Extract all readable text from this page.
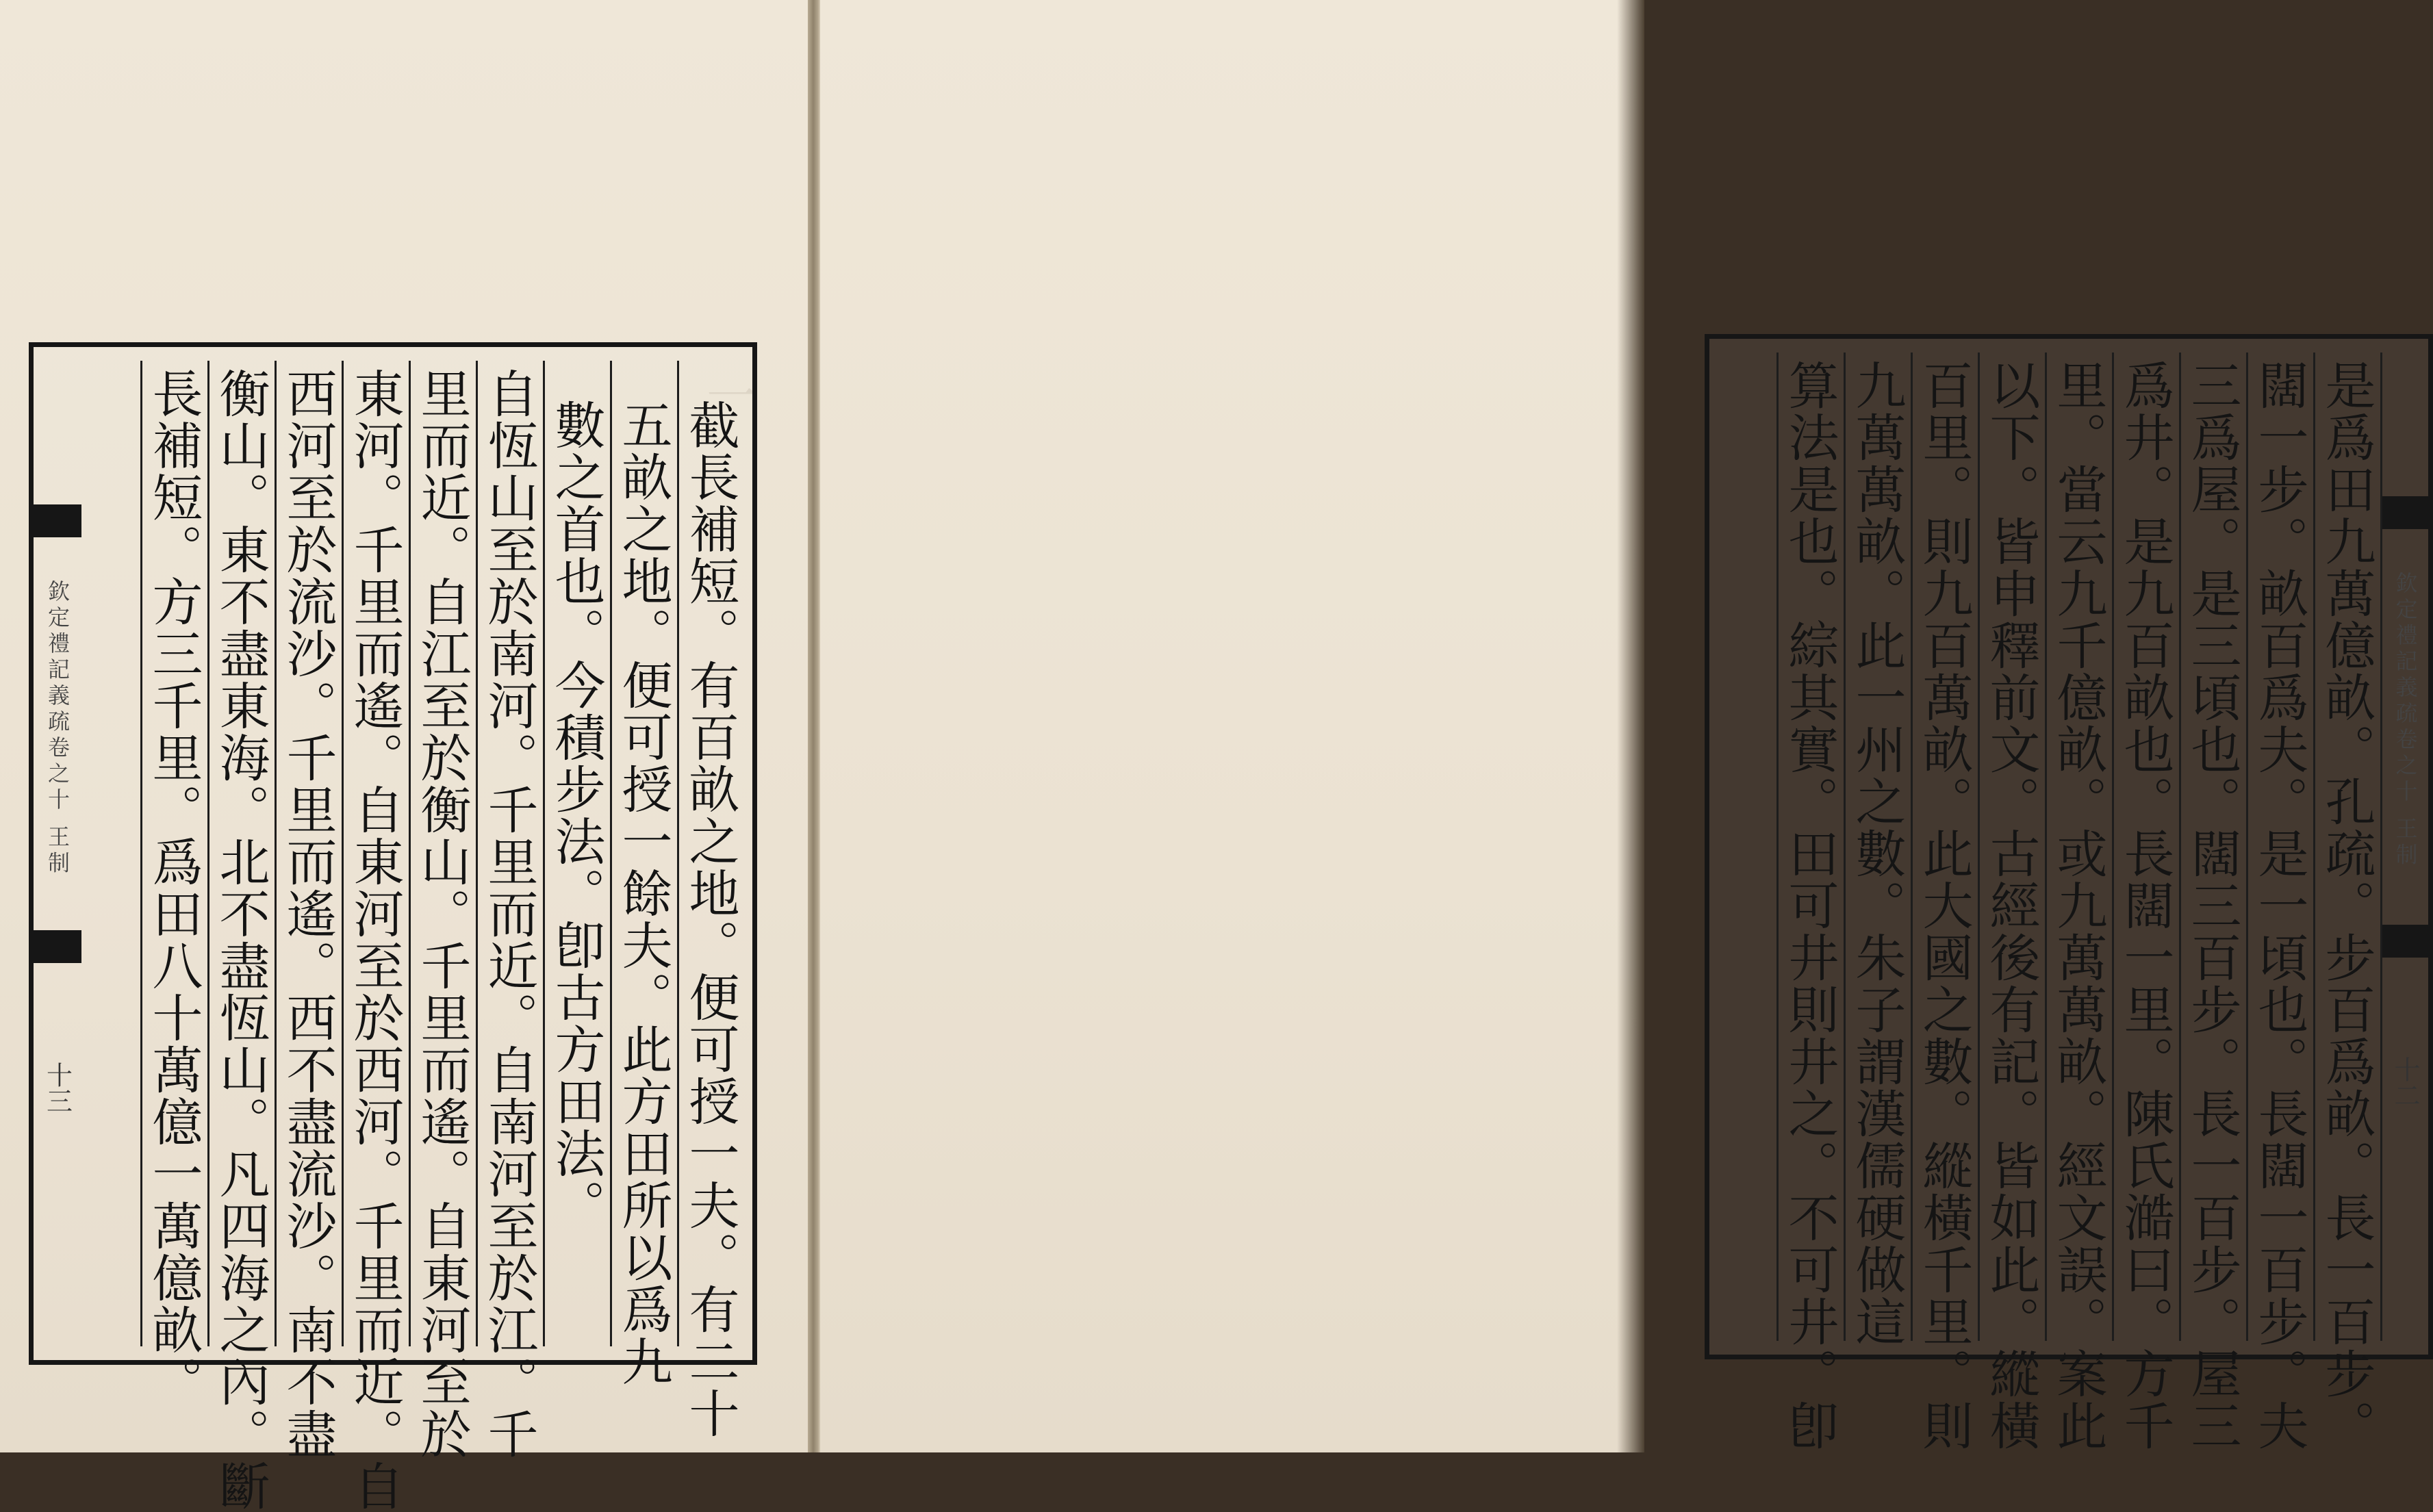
一
欽定禮記義疏卷之十 王制
十三	截長補短。有百畝之地。便可授一夫。有二十
五畝之地。便可授一餘夫。此方田所以爲九
數之首也。今積步法。卽古方田法。
自恆山至於南河。千里而近。自南河至於江。千
里而近。自江至於衡山。千里而遙。自東河至於
東河。千里而遙。自東河至於西河。千里而近。自
西河至於流沙。千里而遙。西不盡流沙。南不盡
衡山。東不盡東海。北不盡恆山。凡四海之內。斷
長補短。方三千里。爲田八十萬億一萬億畝。	欽定禮記義疏卷之十 王制
十二
是爲田九萬億畝。孔疏。步百爲畝。長一百步。
闊一步。畝百爲夫。是一頃也。長闊一百步。夫
三爲屋。是三頃也。闊三百步。長一百步。屋三
爲井。是九百畝也。長闊一里。陳氏澔曰。方千
里。當云九千億畝。或九萬萬畝。經文誤。案此
以下。皆申釋前文。古經後有記。皆如此。縱橫
百里。則九百萬畝。此大國之數。縱橫千里。則
九萬萬畝。此一州之數。朱子謂漢儒硬做這
算法是也。綜其實。田可井則井之。不可井。卽
